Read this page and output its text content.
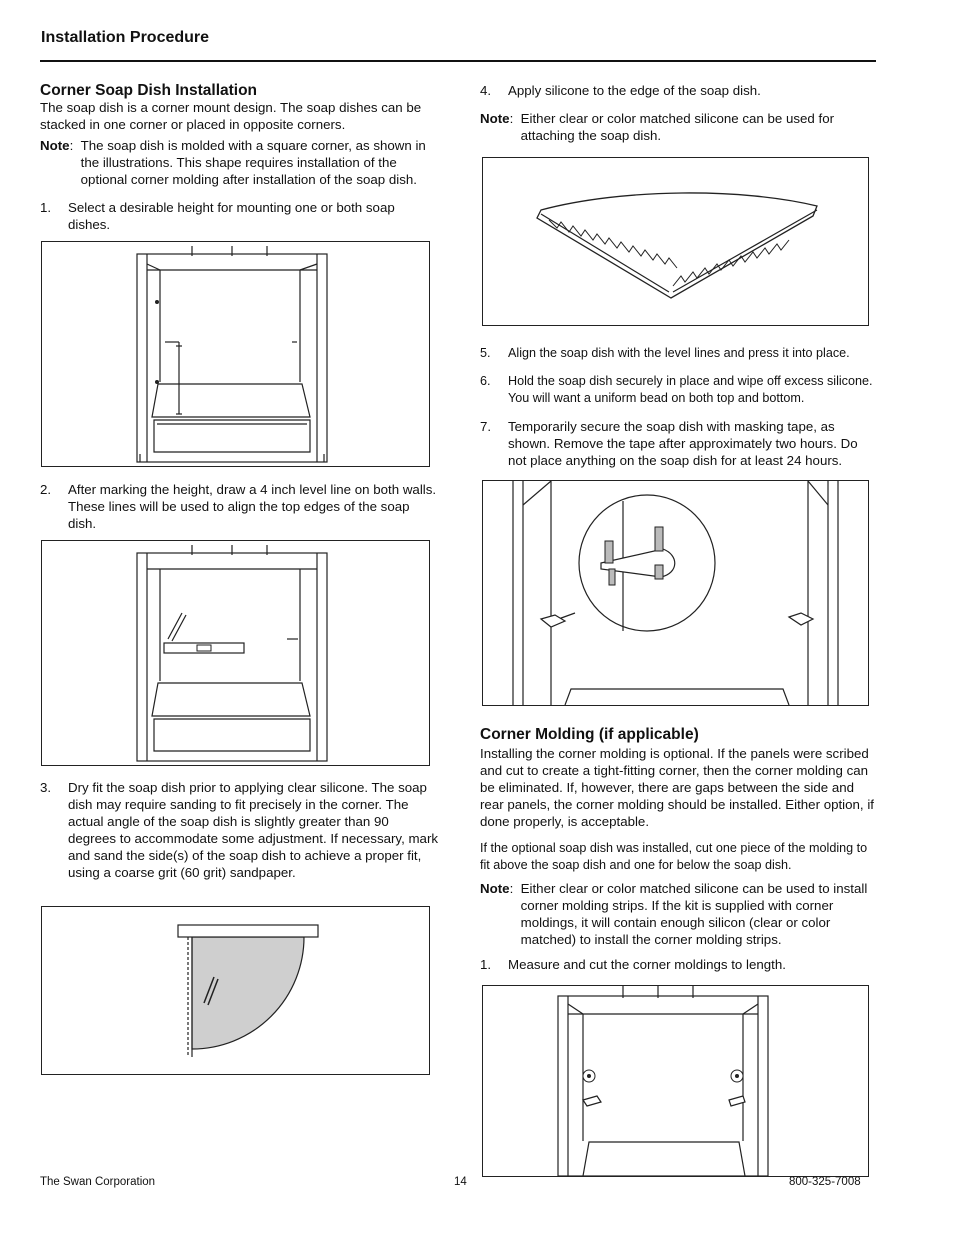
Installation Procedure
Corner Soap Dish Installation
The soap dish is a corner mount design. The soap dishes can be stacked in one corner or placed in opposite corners.
Note: The soap dish is molded with a square corner, as shown in the illustrations. This shape requires installation of the optional corner molding after installation of the soap dish.
1.	Select a desirable height for mounting one or both soap dishes.
2.	After marking the height, draw a 4 inch level line on both walls. These lines will be used to align the top edges of the soap dish.
3.	Dry fit the soap dish prior to applying clear silicone. The soap dish may require sanding to fit precisely in the corner. The actual angle of the soap dish is slightly greater than 90 degrees to accommodate some adjustment. If necessary, mark and sand the side(s) of the soap dish to achieve a proper fit, using a coarse grit (60 grit) sandpaper.
4.	Apply silicone to the edge of the soap dish.
Note: Either clear or color matched silicone can be used for attaching the soap dish.
5.	Align the soap dish with the level lines and press it into place.
6.	Hold the soap dish securely in place and wipe off excess silicone. You will want a uniform bead on both top and bottom.
7.	Temporarily secure the soap dish with masking tape, as shown. Remove the tape after approximately two hours. Do not place anything on the soap dish for at least 24 hours.
Corner Molding (if applicable)
Installing the corner molding is optional. If the panels were scribed and cut to create a tight-fitting corner, then the corner molding can be eliminated. If, however, there are gaps between the side and rear panels, the corner molding should be installed. Either option, if done properly, is acceptable.
If the optional soap dish was installed, cut one piece of the molding to fit above the soap dish and one for below the soap dish.
Note: Either clear or color matched silicone can be used to install corner molding strips. If the kit is supplied with corner moldings, it will contain enough silicon (clear or color matched) to install the corner molding strips.
1.	Measure and cut the corner moldings to length.
The Swan Corporation	14	800-325-7008
